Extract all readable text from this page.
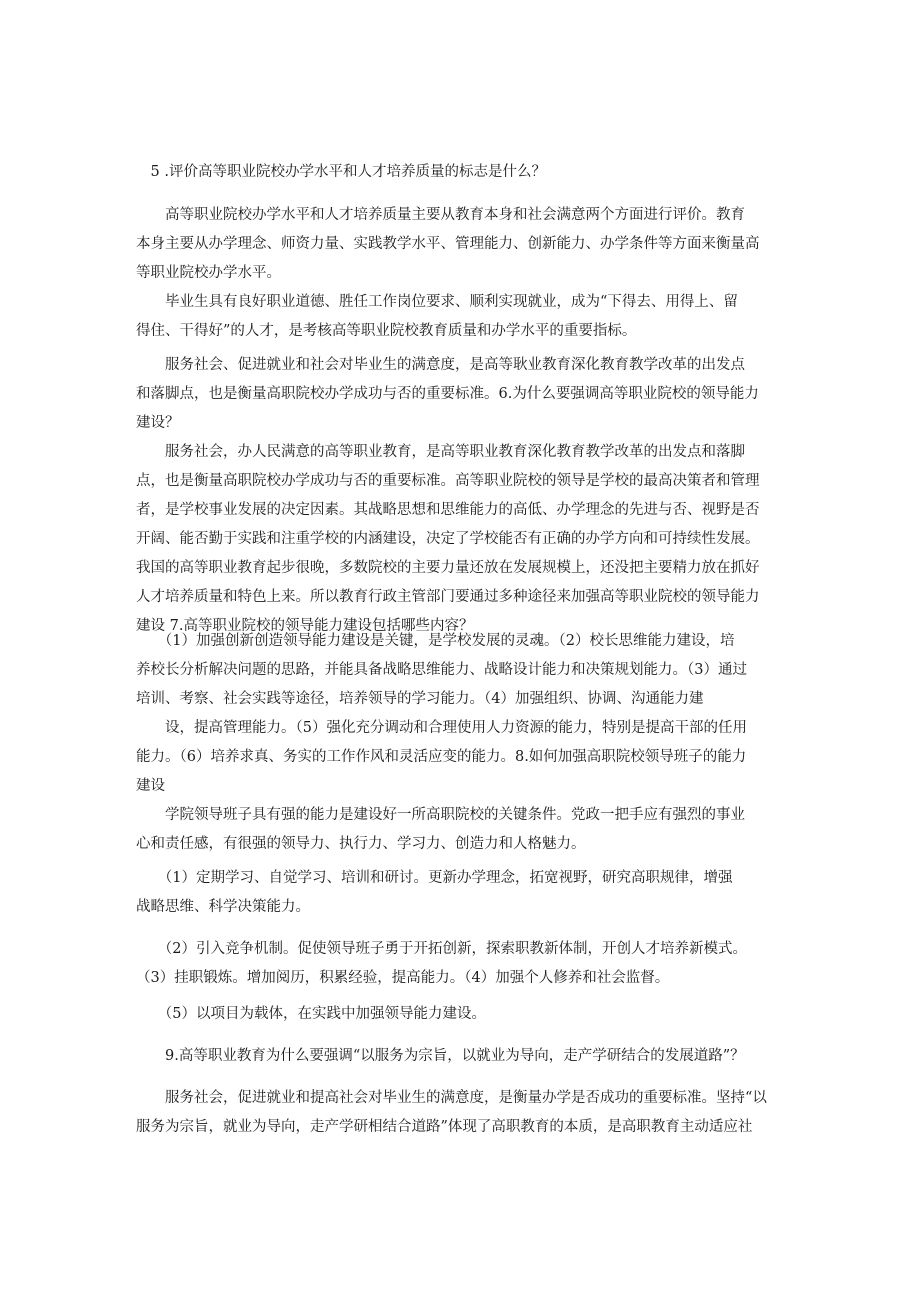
　5 .评价高等职业院校办学水平和人才培养质量的标志是什么？

　　高等职业院校办学水平和人才培养质量主要从教育本身和社会满意两个方面进行评价。教育
本身主要从办学理念、师资力量、实践教学水平、管理能力、创新能力、办学条件等方面来衡量高
等职业院校办学水平。

　　毕业生具有良好职业道德、胜任工作岗位要求、顺利实现就业，成为“下得去、用得上、留
得住、干得好”的人才，是考核高等职业院校教育质量和办学水平的重要指标。

　　服务社会、促进就业和社会对毕业生的满意度，是高等耿业教育深化教育教学改革的出发点
和落脚点，也是衡量高职院校办学成功与否的重要标准。6.为什么要强调高等职业院校的领导能力
建设？

　　服务社会，办人民满意的高等职业教育，是高等职业教育深化教育教学改革的出发点和落脚
点，也是衡量高职院校办学成功与否的重要标准。高等职业院校的领导是学校的最高决策者和管理
者，是学校事业发展的决定因素。其战略思想和思维能力的高低、办学理念的先进与否、视野是否
开阔、能否勤于实践和注重学校的内涵建设，决定了学校能否有正确的办学方向和可持续性发展。
我国的高等职业教育起步很晚，多数院校的主要力量还放在发展规模上，还没把主要精力放在抓好
人才培养质量和特色上来。所以教育行政主管部门要通过多种途径来加强高等职业院校的领导能力
建设 7.高等职业院校的领导能力建设包括哪些内容？

　　（1）加强创新创造领导能力建设是关键，是学校发展的灵魂。（2）校长思维能力建设，培
养校长分析解决问题的思路，并能具备战略思维能力、战略设计能力和决策规划能力。（3）通过
培训、考察、社会实践等途径，培养领导的学习能力。（4）加强组织、协调、沟通能力建

　　设，提高管理能力。（5）强化充分调动和合理使用人力资源的能力，特别是提高干部的任用
能力。（6）培养求真、务实的工作作风和灵活应变的能力。8.如何加强高职院校领导班子的能力
建设

　　学院领导班子具有强的能力是建设好一所高职院校的关键条件。党政一把手应有强烈的事业
心和责任感，有很强的领导力、执行力、学习力、创造力和人格魅力。

　　（1）定期学习、自觉学习、培训和研讨。更新办学理念，拓宽视野，研究高职规律，增强
战略思维、科学决策能力。

　　（2）引入竞争机制。促使领导班子勇于开拓创新，探索职教新体制，开创人才培养新模式。
（3）挂职锻炼。增加阅历，积累经验，提高能力。（4）加强个人修养和社会监督。

　　（5）以项目为载体，在实践中加强领导能力建设。

　　9.高等职业教育为什么要强调“以服务为宗旨，以就业为导向，走产学研结合的发展道路”？

　　服务社会，促进就业和提高社会对毕业生的满意度，是衡量办学是否成功的重要标准。坚持“以
服务为宗旨，就业为导向，走产学研相结合道路”体现了高职教育的本质，是高职教育主动适应社
